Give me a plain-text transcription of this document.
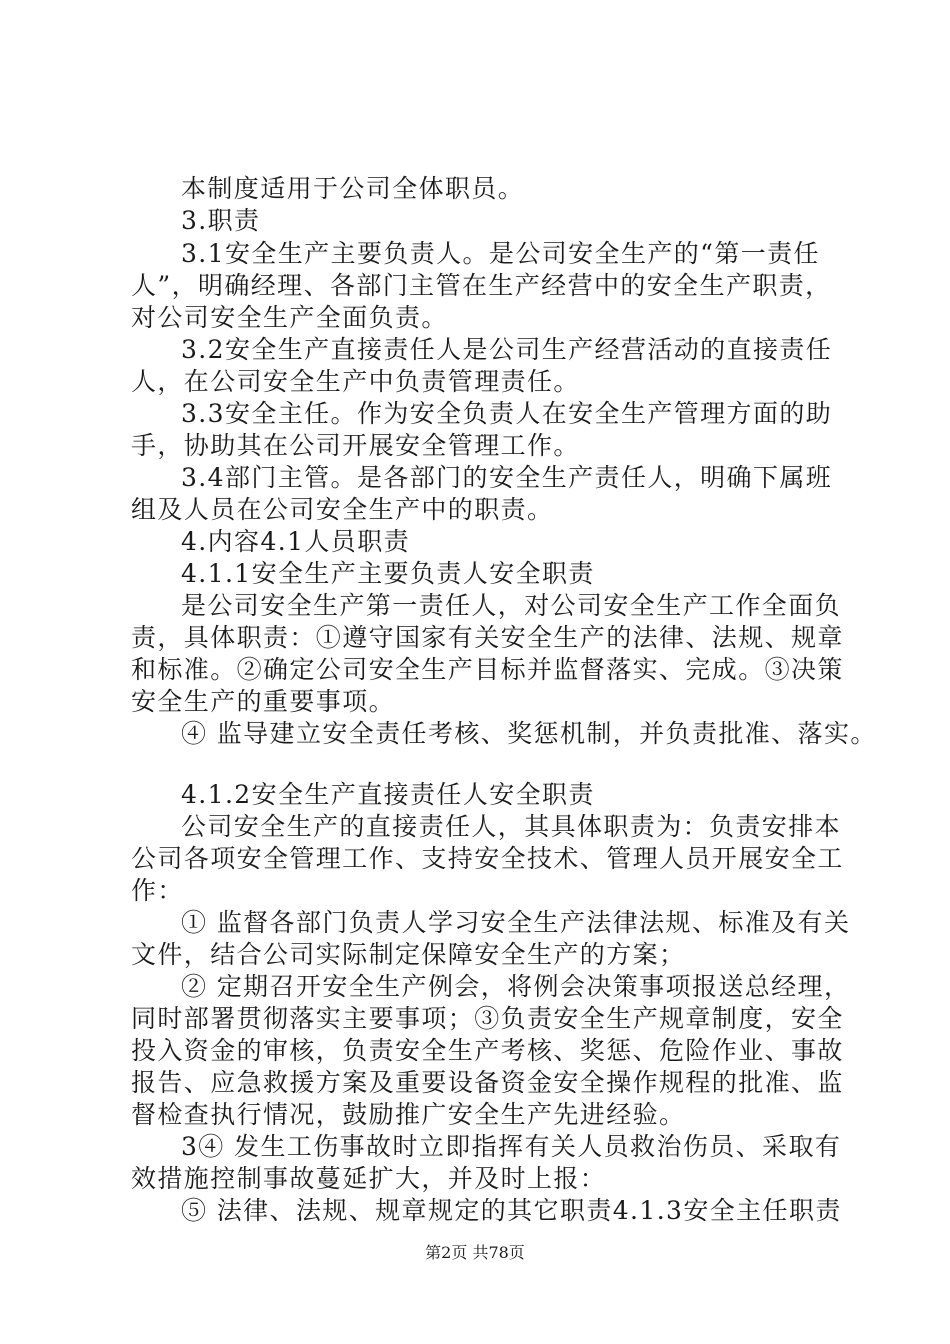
本制度适用于公司全体职员。
3.职责
3.1安全生产主要负责人。是公司安全生产的“第一责任
人”，明确经理、各部门主管在生产经营中的安全生产职责，
对公司安全生产全面负责。
3.2安全生产直接责任人是公司生产经营活动的直接责任
人，在公司安全生产中负责管理责任。
3.3安全主任。作为安全负责人在安全生产管理方面的助
手，协助其在公司开展安全管理工作。
3.4部门主管。是各部门的安全生产责任人，明确下属班
组及人员在公司安全生产中的职责。
4.内容4.1人员职责
4.1.1安全生产主要负责人安全职责
是公司安全生产第一责任人，对公司安全生产工作全面负
责，具体职责：①遵守国家有关安全生产的法律、法规、规章
和标准。②确定公司安全生产目标并监督落实、完成。③决策
安全生产的重要事项。
④ 监导建立安全责任考核、奖惩机制，并负责批准、落实。
4.1.2安全生产直接责任人安全职责
公司安全生产的直接责任人，其具体职责为：负责安排本
公司各项安全管理工作、支持安全技术、管理人员开展安全工
作：
① 监督各部门负责人学习安全生产法律法规、标准及有关
文件，结合公司实际制定保障安全生产的方案；
② 定期召开安全生产例会，将例会决策事项报送总经理，
同时部署贯彻落实主要事项；③负责安全生产规章制度，安全
投入资金的审核，负责安全生产考核、奖惩、危险作业、事故
报告、应急救援方案及重要设备资金安全操作规程的批准、监
督检查执行情况，鼓励推广安全生产先进经验。
3④ 发生工伤事故时立即指挥有关人员救治伤员、采取有
效措施控制事故蔓延扩大，并及时上报：
⑤ 法律、法规、规章规定的其它职责4.1.3安全主任职责
第2页 共78页
